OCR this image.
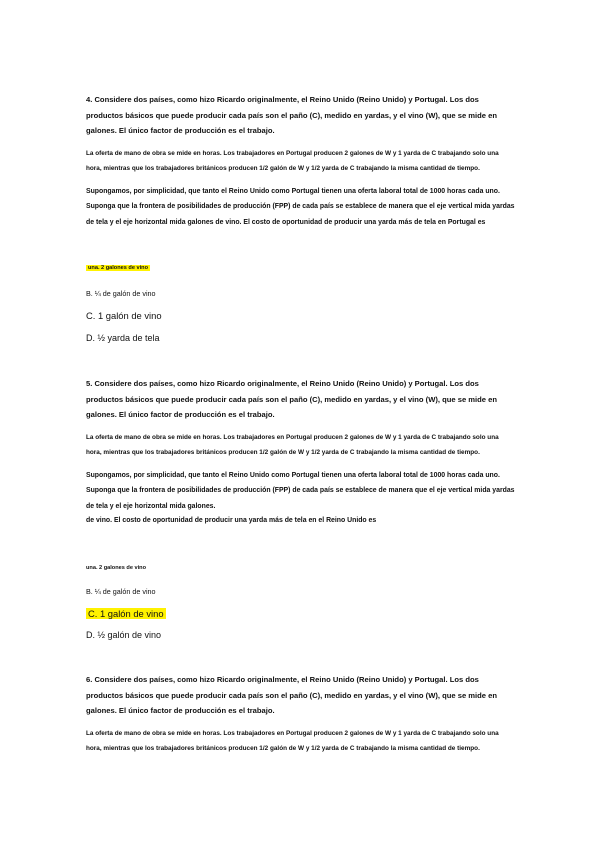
4. Considere dos países, como hizo Ricardo originalmente, el Reino Unido (Reino Unido) y Portugal. Los dos productos básicos que puede producir cada país son el paño (C), medido en yardas, y el vino (W), que se mide en galones. El único factor de producción es el trabajo.

La oferta de mano de obra se mide en horas. Los trabajadores en Portugal producen 2 galones de W y 1 yarda de C trabajando solo una hora, mientras que los trabajadores británicos producen 1/2 galón de W y 1/2 yarda de C trabajando la misma cantidad de tiempo.

Supongamos, por simplicidad, que tanto el Reino Unido como Portugal tienen una oferta laboral total de 1000 horas cada uno. Suponga que la frontera de posibilidades de producción (FPP) de cada país se establece de manera que el eje vertical mida yardas de tela y el eje horizontal mida galones de vino. El costo de oportunidad de producir una yarda más de tela en Portugal es

una. 2 galones de vino
B. ¼ de galón de vino
C. 1 galón de vino
D. ½ yarda de tela

5. Considere dos países, como hizo Ricardo originalmente, el Reino Unido (Reino Unido) y Portugal. Los dos productos básicos que puede producir cada país son el paño (C), medido en yardas, y el vino (W), que se mide en galones. El único factor de producción es el trabajo.

La oferta de mano de obra se mide en horas. Los trabajadores en Portugal producen 2 galones de W y 1 yarda de C trabajando solo una hora, mientras que los trabajadores británicos producen 1/2 galón de W y 1/2 yarda de C trabajando la misma cantidad de tiempo.

Supongamos, por simplicidad, que tanto el Reino Unido como Portugal tienen una oferta laboral total de 1000 horas cada uno. Suponga que la frontera de posibilidades de producción (FPP) de cada país se establece de manera que el eje vertical mida yardas de tela y el eje horizontal mida galones.

de vino. El costo de oportunidad de producir una yarda más de tela en el Reino Unido es

una. 2 galones de vino
B. ¼ de galón de vino
C. 1 galón de vino
D. ½ galón de vino

6. Considere dos países, como hizo Ricardo originalmente, el Reino Unido (Reino Unido) y Portugal. Los dos productos básicos que puede producir cada país son el paño (C), medido en yardas, y el vino (W), que se mide en galones. El único factor de producción es el trabajo.

La oferta de mano de obra se mide en horas. Los trabajadores en Portugal producen 2 galones de W y 1 yarda de C trabajando solo una hora, mientras que los trabajadores británicos producen 1/2 galón de W y 1/2 yarda de C trabajando la misma cantidad de tiempo.
